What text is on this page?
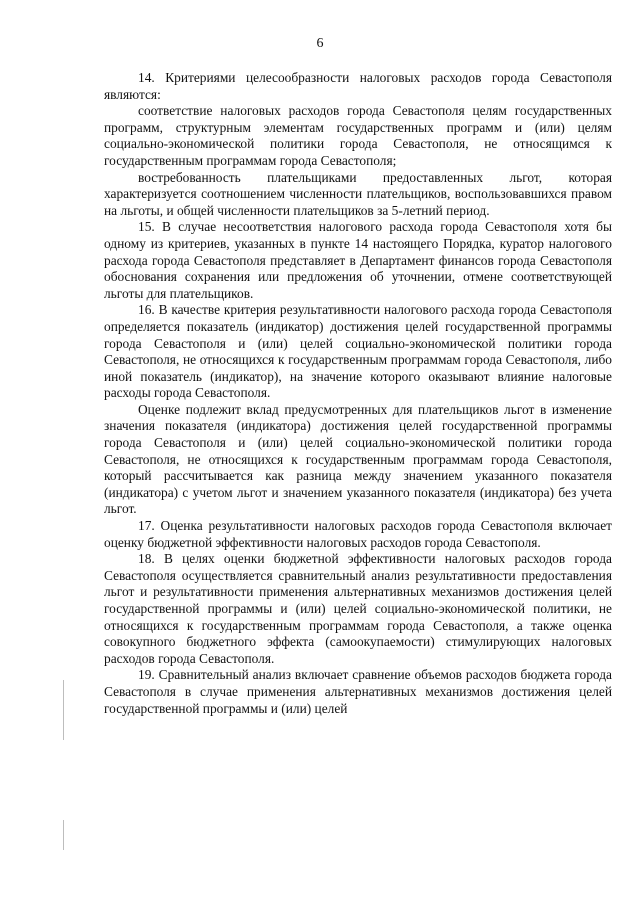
6

14. Критериями целесообразности налоговых расходов города Севастополя являются:

соответствие налоговых расходов города Севастополя целям государственных программ, структурным элементам государственных программ и (или) целям социально-экономической политики города Севастополя, не относящимся к государственным программам города Севастополя;

востребованность плательщиками предоставленных льгот, которая характеризуется соотношением численности плательщиков, воспользовавшихся правом на льготы, и общей численности плательщиков за 5-летний период.

15. В случае несоответствия налогового расхода города Севастополя хотя бы одному из критериев, указанных в пункте 14 настоящего Порядка, куратор налогового расхода города Севастополя представляет в Департамент финансов города Севастополя обоснования сохранения или предложения об уточнении, отмене соответствующей льготы для плательщиков.

16. В качестве критерия результативности налогового расхода города Севастополя определяется показатель (индикатор) достижения целей государственной программы города Севастополя и (или) целей социально-экономической политики города Севастополя, не относящихся к государственным программам города Севастополя, либо иной показатель (индикатор), на значение которого оказывают влияние налоговые расходы города Севастополя.

Оценке подлежит вклад предусмотренных для плательщиков льгот в изменение значения показателя (индикатора) достижения целей государственной программы города Севастополя и (или) целей социально-экономической политики города Севастополя, не относящихся к государственным программам города Севастополя, который рассчитывается как разница между значением указанного показателя (индикатора) с учетом льгот и значением указанного показателя (индикатора) без учета льгот.

17. Оценка результативности налоговых расходов города Севастополя включает оценку бюджетной эффективности налоговых расходов города Севастополя.

18. В целях оценки бюджетной эффективности налоговых расходов города Севастополя осуществляется сравнительный анализ результативности предоставления льгот и результативности применения альтернативных механизмов достижения целей государственной программы и (или) целей социально-экономической политики, не относящихся к государственным программам города Севастополя, а также оценка совокупного бюджетного эффекта (самоокупаемости) стимулирующих налоговых расходов города Севастополя.

19. Сравнительный анализ включает сравнение объемов расходов бюджета города Севастополя в случае применения альтернативных механизмов достижения целей государственной программы и (или) целей
